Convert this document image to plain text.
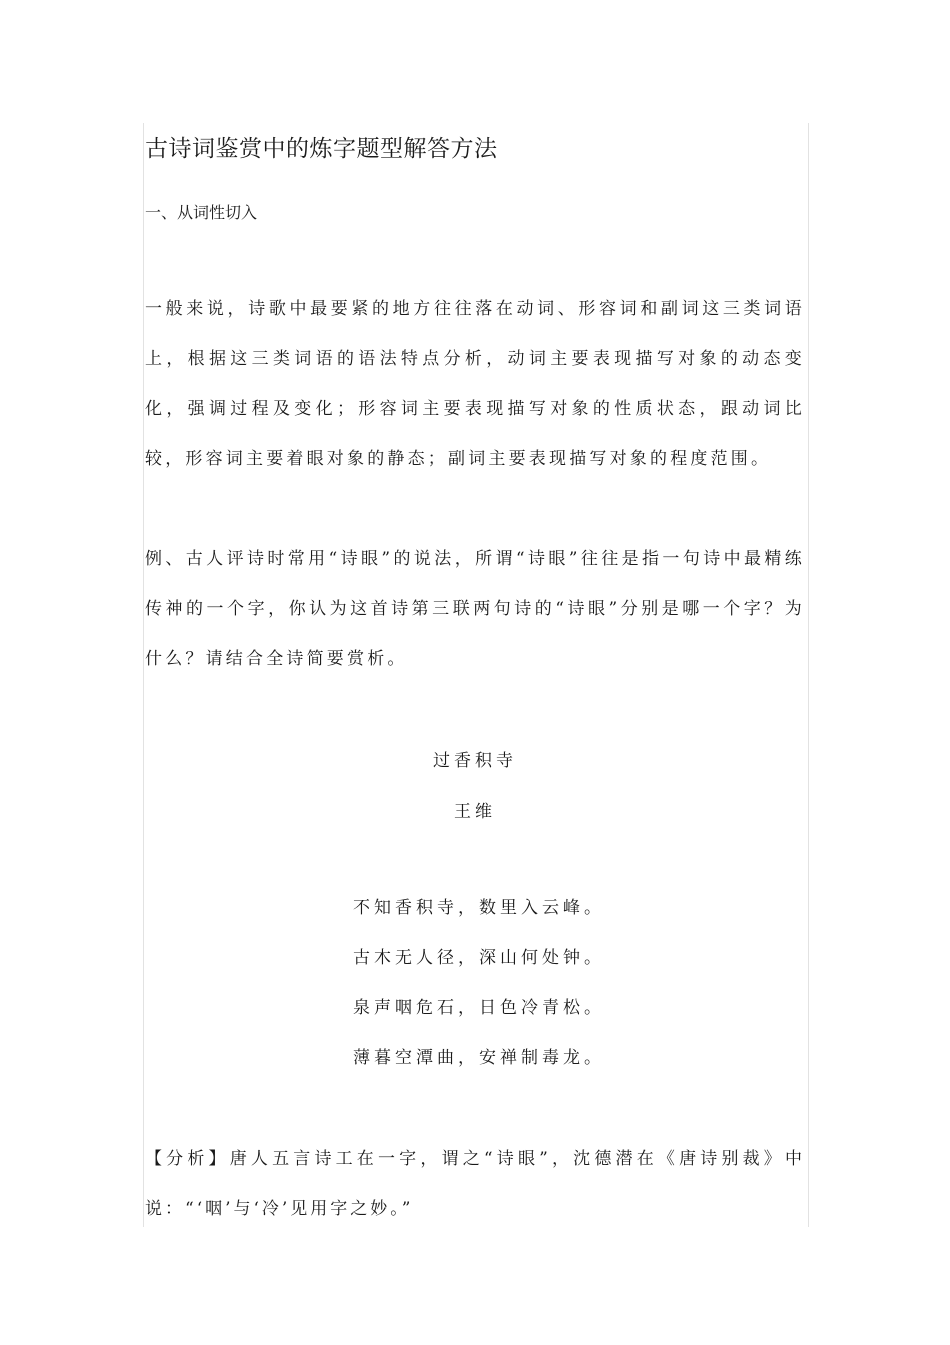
古诗词鉴赏中的炼字题型解答方法
一、从词性切入

一般来说，诗歌中最要紧的地方往往落在动词、形容词和副词这三类词语上，根据这三类词语的语法特点分析，动词主要表现描写对象的动态变化，强调过程及变化；形容词主要表现描写对象的性质状态，跟动词比较，形容词主要着眼对象的静态；副词主要表现描写对象的程度范围。

例、古人评诗时常用“诗眼”的说法，所谓“诗眼”往往是指一句诗中最精练传神的一个字，你认为这首诗第三联两句诗的“诗眼”分别是哪一个字？为什么？请结合全诗简要赏析。

过香积寺

王维

不知香积寺，数里入云峰。
古木无人径，深山何处钟。
泉声咽危石，日色冷青松。
薄暮空潭曲，安禅制毒龙。

【分析】唐人五言诗工在一字，谓之“诗眼”，沈德潜在《唐诗别裁》中说：“‘咽’与‘冷’见用字之妙。”
